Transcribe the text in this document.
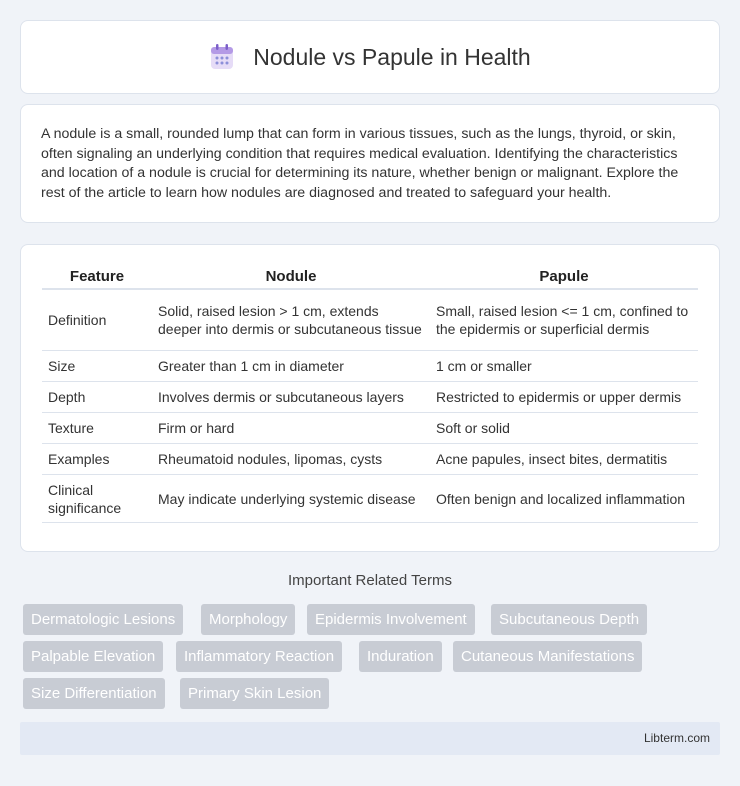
Nodule vs Papule in Health

A nodule is a small, rounded lump that can form in various tissues, such as the lungs, thyroid, or skin, often signaling an underlying condition that requires medical evaluation. Identifying the characteristics and location of a nodule is crucial for determining its nature, whether benign or malignant. Explore the rest of the article to learn how nodules are diagnosed and treated to safeguard your health.

Feature	Nodule	Papule
Definition	Solid, raised lesion > 1 cm, extends deeper into dermis or subcutaneous tissue	Small, raised lesion <= 1 cm, confined to the epidermis or superficial dermis
Size	Greater than 1 cm in diameter	1 cm or smaller
Depth	Involves dermis or subcutaneous layers	Restricted to epidermis or upper dermis
Texture	Firm or hard	Soft or solid
Examples	Rheumatoid nodules, lipomas, cysts	Acne papules, insect bites, dermatitis
Clinical significance	May indicate underlying systemic disease	Often benign and localized inflammation
Important Related Terms
Dermatologic Lesions	Morphology	Epidermis Involvement	Subcutaneous Depth
Palpable Elevation	Inflammatory Reaction	Induration	Cutaneous Manifestations
Size Differentiation	Primary Skin Lesion
Libterm.com
